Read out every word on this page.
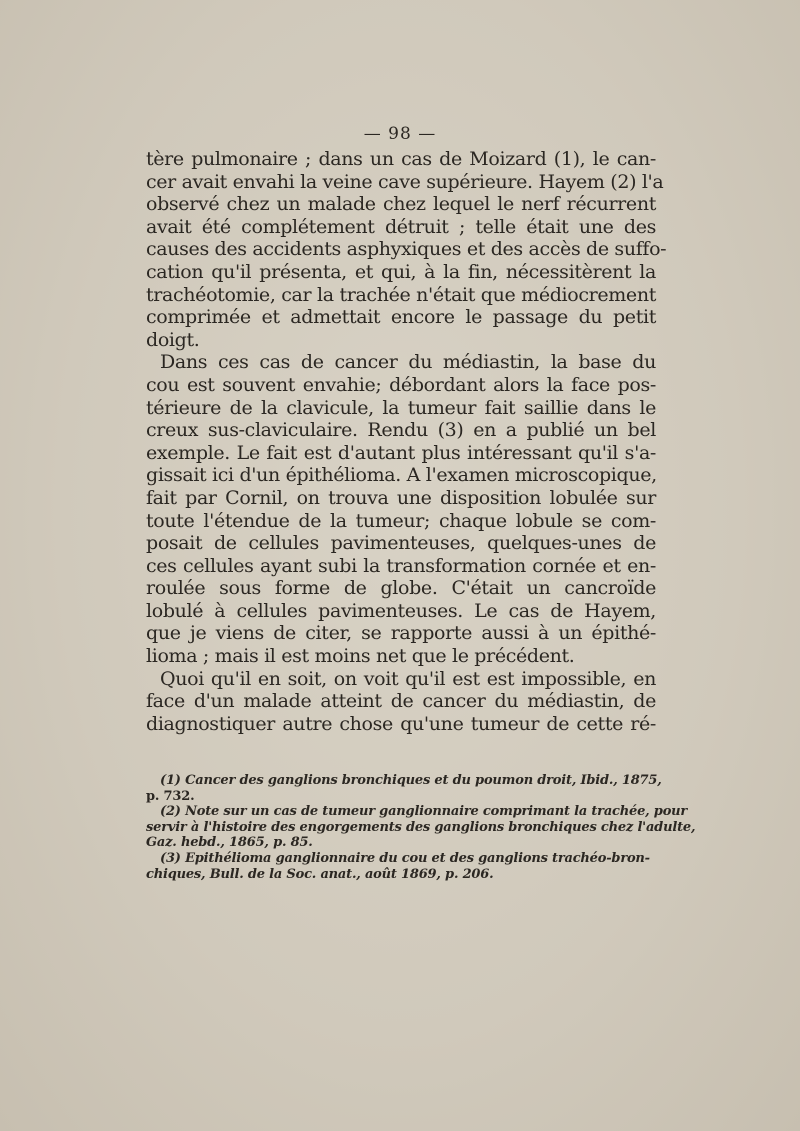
— 98 —
tère pulmonaire ; dans un cas de Moizard (1), le can-
cer avait envahi la veine cave supérieure. Hayem (2) l'a
observé chez un malade chez lequel le nerf récurrent
avait été complétement détruit ; telle était une des
causes des accidents asphyxiques et des accès de suffo-
cation qu'il présenta, et qui, à la fin, nécessitèrent la
trachéotomie, car la trachée n'était que médiocrement
comprimée et admettait encore le passage du petit
doigt.
Dans ces cas de cancer du médiastin, la base du
cou est souvent envahie; débordant alors la face pos-
térieure de la clavicule, la tumeur fait saillie dans le
creux sus-claviculaire. Rendu (3) en a publié un bel
exemple. Le fait est d'autant plus intéressant qu'il s'a-
gissait ici d'un épithélioma. A l'examen microscopique,
fait par Cornil, on trouva une disposition lobulée sur
toute l'étendue de la tumeur; chaque lobule se com-
posait de cellules pavimenteuses, quelques-unes de
ces cellules ayant subi la transformation cornée et en-
roulée sous forme de globe. C'était un cancroïde
lobulé à cellules pavimenteuses. Le cas de Hayem,
que je viens de citer, se rapporte aussi à un épithé-
lioma ; mais il est moins net que le précédent.
Quoi qu'il en soit, on voit qu'il est est impossible, en
face d'un malade atteint de cancer du médiastin, de
diagnostiquer autre chose qu'une tumeur de cette ré-
(1) Cancer des ganglions bronchiques et du poumon droit, Ibid., 1875,
p. 732.
(2) Note sur un cas de tumeur ganglionnaire comprimant la trachée, pour
servir à l'histoire des engorgements des ganglions bronchiques chez l'adulte,
Gaz. hebd., 1865, p. 85.
(3) Epithélioma ganglionnaire du cou et des ganglions trachéo-bron-
chiques, Bull. de la Soc. anat., août 1869, p. 206.
